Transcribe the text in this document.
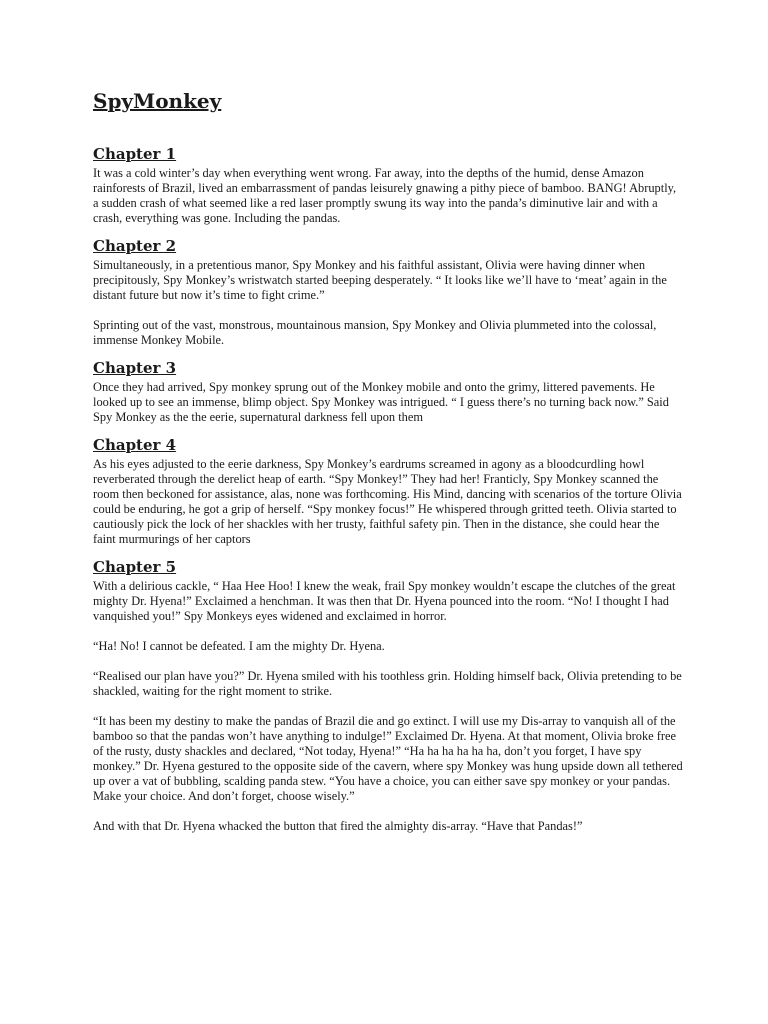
SpyMonkey
Chapter 1

It was a cold winter’s day when everything went wrong. Far away, into the depths of the humid, dense Amazon rainforests of Brazil, lived an embarrassment of pandas leisurely gnawing a pithy piece of bamboo. BANG! Abruptly, a sudden crash of what seemed like a red laser promptly swung its way into the panda’s diminutive lair and with a crash, everything was gone. Including the pandas.

Chapter 2

Simultaneously, in a pretentious manor, Spy Monkey and his faithful assistant, Olivia were having dinner when precipitously, Spy Monkey’s wristwatch started beeping desperately. “ It looks like we’ll have to ‘meat’ again in the distant future but now it’s time to fight crime.”

Sprinting out of the vast, monstrous, mountainous mansion, Spy Monkey and Olivia plummeted into the colossal, immense Monkey Mobile.

Chapter 3

Once they had arrived, Spy monkey sprung out of the Monkey mobile and onto the grimy, littered pavements. He looked up to see an immense, blimp object. Spy Monkey was intrigued. “ I guess there’s no turning back now.” Said Spy Monkey as the the eerie, supernatural darkness fell upon them

Chapter 4

As his eyes adjusted to the eerie darkness, Spy Monkey’s eardrums screamed in agony as a bloodcurdling howl reverberated through the derelict heap of earth. “Spy Monkey!” They had her! Franticly, Spy Monkey scanned the room then beckoned for assistance, alas, none was forthcoming. His Mind, dancing with scenarios of the torture Olivia could be enduring, he got a grip of herself. “Spy monkey focus!” He whispered through gritted teeth. Olivia started to cautiously pick the lock of her shackles with her trusty, faithful safety pin. Then in the distance, she could hear the faint murmurings of her captors

Chapter 5

With a delirious cackle, “ Haa Hee Hoo! I knew the weak, frail Spy monkey wouldn’t escape the clutches of the great mighty Dr. Hyena!” Exclaimed a henchman. It was then that Dr. Hyena pounced into the room. “No! I thought I had vanquished you!” Spy Monkeys eyes widened and exclaimed in horror.

“Ha! No! I cannot be defeated. I am the mighty Dr. Hyena.

“Realised our plan have you?” Dr. Hyena smiled with his toothless grin. Holding himself back, Olivia pretending to be shackled, waiting for the right moment to strike.

“It has been my destiny to make the pandas of Brazil die and go extinct. I will use my Dis-array to vanquish all of the bamboo so that the pandas won’t have anything to indulge!” Exclaimed Dr. Hyena. At that moment, Olivia broke free of the rusty, dusty shackles and declared, “Not today, Hyena!” “Ha ha ha ha ha ha, don’t you forget, I have spy monkey.” Dr. Hyena gestured to the opposite side of the cavern, where spy Monkey was hung upside down all tethered up over a vat of bubbling, scalding panda stew. “You have a choice, you can either save spy monkey or your pandas. Make your choice. And don’t forget, choose wisely.”

And with that Dr. Hyena whacked the button that fired the almighty dis-array. “Have that Pandas!”
